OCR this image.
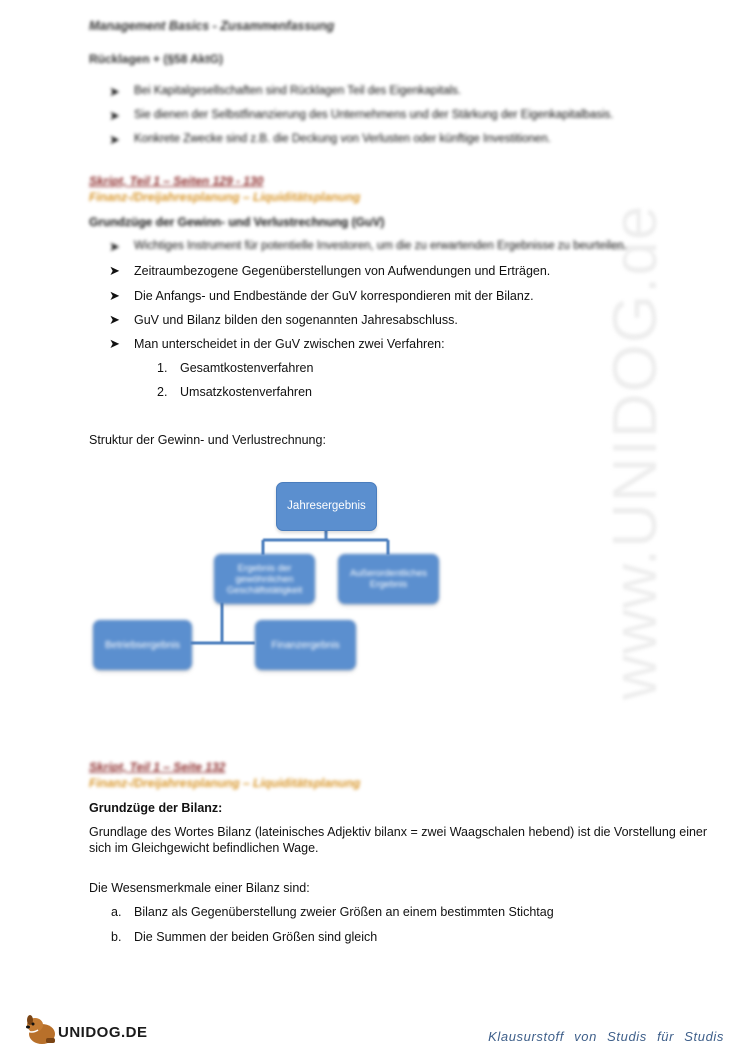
www.UNIDOG.de
Management Basics - Zusammenfassung
Rücklagen + (§58 AktG)
➤ Bei Kapitalgesellschaften sind Rücklagen Teil des Eigenkapitals.
➤ Sie dienen der Selbstfinanzierung des Unternehmens und der Stärkung der Eigenkapitalbasis.
➤ Konkrete Zwecke sind z.B. die Deckung von Verlusten oder künftige Investitionen.
Skript, Teil 1 – Seiten 129 - 130
Finanz-/Dreijahresplanung – Liquiditätsplanung
Grundzüge der Gewinn- und Verlustrechnung (GuV)
➤ Wichtiges Instrument für potentielle Investoren, um die zu erwartenden Ergebnisse zu beurteilen.
➤ Zeitraumbezogene Gegenüberstellungen von Aufwendungen und Erträgen.
➤ Die Anfangs- und Endbestände der GuV korrespondieren mit der Bilanz.
➤ GuV und Bilanz bilden den sogenannten Jahresabschluss.
➤ Man unterscheidet in der GuV zwischen zwei Verfahren:
1. Gesamtkostenverfahren
2. Umsatzkostenverfahren
Struktur der Gewinn- und Verlustrechnung:
Jahresergebnis
Ergebnis der gewöhnlichen Geschäftstätigkeit
Außerordentliches Ergebnis
Betriebsergebnis	Finanzergebnis
Skript, Teil 1 – Seite 132
Finanz-/Dreijahresplanung – Liquiditätsplanung
Grundzüge der Bilanz:
Grundlage des Wortes Bilanz (lateinisches Adjektiv bilanx = zwei Waagschalen hebend) ist die Vorstellung einer
sich im Gleichgewicht befindlichen Wage.
Die Wesensmerkmale einer Bilanz sind:
a. Bilanz als Gegenüberstellung zweier Größen an einem bestimmten Stichtag
b. Die Summen der beiden Größen sind gleich
UNIDOG.DE	Klausurstoff von Studis für Studis
